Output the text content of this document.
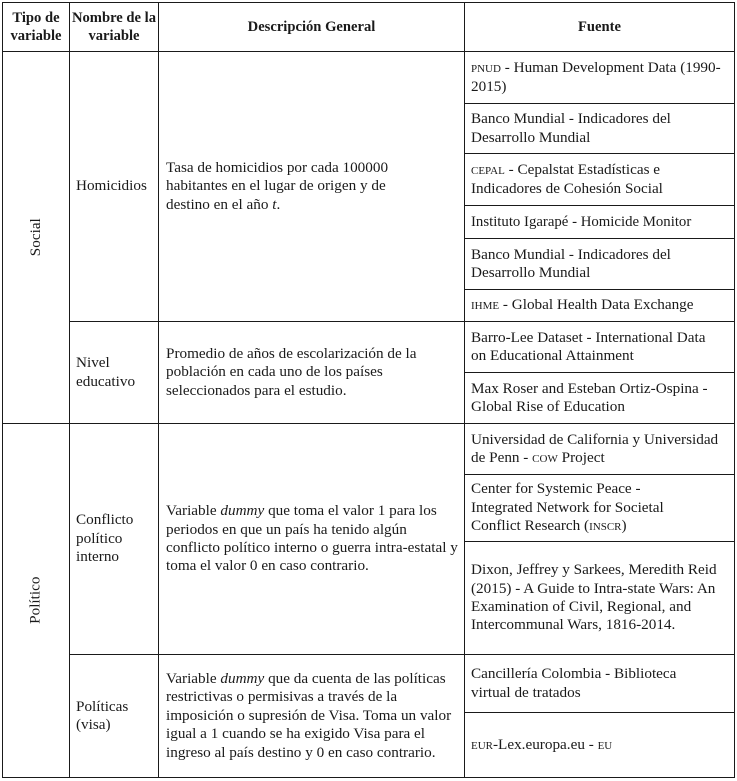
Tipo de variable
Nombre de la variable
Descripción General	Fuente
Social
Político
Homicidios
Nivel educativo
Conflicto político interno
Políticas (visa)
Tasa de homicidios por cada 100000 habitantes en el lugar de origen y de destino en el año t.
Promedio de años de escolarización de la población en cada uno de los países seleccionados para el estudio.
Variable dummy que toma el valor 1 para los periodos en que un país ha tenido algún conflicto político interno o guerra intra-estatal y toma el valor 0 en caso contrario.
Variable dummy que da cuenta de las políticas restrictivas o permisivas a través de la imposición o supresión de Visa. Toma un valor igual a 1 cuando se ha exigido Visa para el ingreso al país destino y 0 en caso contrario.
pnud - Human Development Data (1990-2015)
Banco Mundial - Indicadores del Desarrollo Mundial
cepal - Cepalstat Estadísticas e Indicadores de Cohesión Social
Instituto Igarapé - Homicide Monitor
Banco Mundial - Indicadores del Desarrollo Mundial
ihme - Global Health Data Exchange
Barro-Lee Dataset - International Data on Educational Attainment
Max Roser and Esteban Ortiz-Ospina - Global Rise of Education
Universidad de California y Universidad de Penn - cow Project
Center for Systemic Peace - Integrated Network for Societal Conflict Research (inscr)
Dixon, Jeffrey y Sarkees, Meredith Reid (2015) - A Guide to Intra-state Wars: An Examination of Civil, Regional, and Intercommunal Wars, 1816-2014.
Cancillería Colombia - Biblioteca virtual de tratados
eur-Lex.europa.eu - eu
